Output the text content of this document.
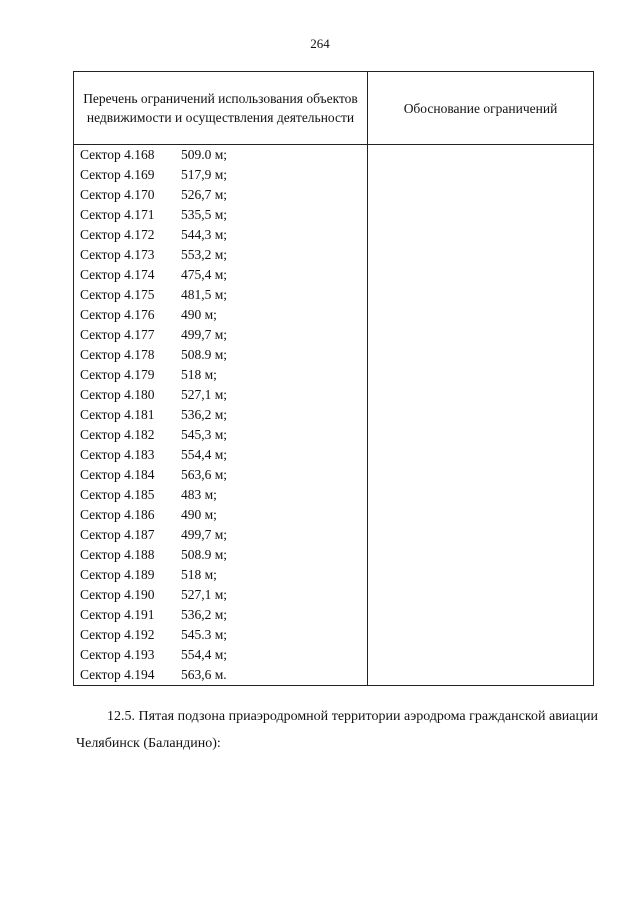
264
Перечень ограничений использования объектов недвижимости и осуществления деятельности	Обоснование ограничений
Сектор 4.168 509.0 м;	
Сектор 4.169 517,9 м;	
Сектор 4.170 526,7 м;	
Сектор 4.171 535,5 м;	
Сектор 4.172 544,3 м;	
Сектор 4.173 553,2 м;	
Сектор 4.174 475,4 м;	
Сектор 4.175 481,5 м;	
Сектор 4.176 490 м;	
Сектор 4.177 499,7 м;	
Сектор 4.178 508.9 м;	
Сектор 4.179 518 м;	
Сектор 4.180 527,1 м;	
Сектор 4.181 536,2 м;	
Сектор 4.182 545,3 м;	
Сектор 4.183 554,4 м;	
Сектор 4.184 563,6 м;	
Сектор 4.185 483 м;	
Сектор 4.186 490 м;	
Сектор 4.187 499,7 м;	
Сектор 4.188 508.9 м;	
Сектор 4.189 518 м;	
Сектор 4.190 527,1 м;	
Сектор 4.191 536,2 м;	
Сектор 4.192 545.3 м;	
Сектор 4.193 554,4 м;	
Сектор 4.194 563,6 м.	

12.5. Пятая подзона приаэродромной территории аэродрома гражданской авиации Челябинск (Баландино):
